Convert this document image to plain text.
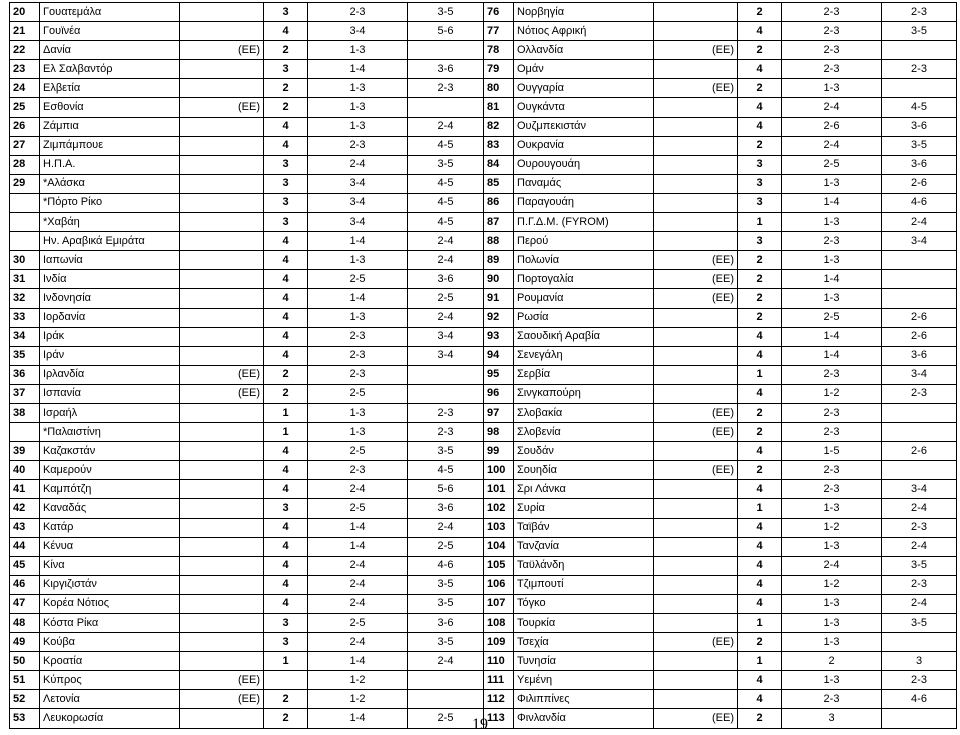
20	Γουατεμάλα		3	2-3	3-5	76	Νορβηγία		2	2-3	2-3
21	Γουϊνέα		4	3-4	5-6	77	Νότιος Αφρική		4	2-3	3-5
22	Δανία	(ΕΕ)	2	1-3		78	Ολλανδία	(ΕΕ)	2	2-3	
23	Ελ Σαλβαντόρ		3	1-4	3-6	79	Ομάν		4	2-3	2-3
24	Ελβετία		2	1-3	2-3	80	Ουγγαρία	(ΕΕ)	2	1-3	
25	Εσθονία	(ΕΕ)	2	1-3		81	Ουγκάντα		4	2-4	4-5
26	Ζάμπια		4	1-3	2-4	82	Ουζμπεκιστάν		4	2-6	3-6
27	Ζιμπάμπουε		4	2-3	4-5	83	Ουκρανία		2	2-4	3-5
28	Η.Π.Α.		3	2-4	3-5	84	Ουρουγουάη		3	2-5	3-6
29	*Αλάσκα		3	3-4	4-5	85	Παναμάς		3	1-3	2-6
	*Πόρτο Ρίκο		3	3-4	4-5	86	Παραγουάη		3	1-4	4-6
	*Χαβάη		3	3-4	4-5	87	Π.Γ.Δ.Μ. (FYROM)		1	1-3	2-4
	Ην. Αραβικά Εμιράτα		4	1-4	2-4	88	Περού		3	2-3	3-4
30	Ιαπωνία		4	1-3	2-4	89	Πολωνία	(ΕΕ)	2	1-3	
31	Ινδία		4	2-5	3-6	90	Πορτογαλία	(ΕΕ)	2	1-4	
32	Ινδονησία		4	1-4	2-5	91	Ρουμανία	(ΕΕ)	2	1-3	
33	Ιορδανία		4	1-3	2-4	92	Ρωσία		2	2-5	2-6
34	Ιράκ		4	2-3	3-4	93	Σαουδική Αραβία		4	1-4	2-6
35	Ιράν		4	2-3	3-4	94	Σενεγάλη		4	1-4	3-6
36	Ιρλανδία	(ΕΕ)	2	2-3		95	Σερβία		1	2-3	3-4
37	Ισπανία	(ΕΕ)	2	2-5		96	Σινγκαπούρη		4	1-2	2-3
38	Ισραήλ		1	1-3	2-3	97	Σλοβακία	(ΕΕ)	2	2-3	
	*Παλαιστίνη		1	1-3	2-3	98	Σλοβενία	(ΕΕ)	2	2-3	
39	Καζακστάν		4	2-5	3-5	99	Σουδάν		4	1-5	2-6
40	Καμερούν		4	2-3	4-5	100	Σουηδία	(ΕΕ)	2	2-3	
41	Καμπότζη		4	2-4	5-6	101	Σρι Λάνκα		4	2-3	3-4
42	Καναδάς		3	2-5	3-6	102	Συρία		1	1-3	2-4
43	Κατάρ		4	1-4	2-4	103	Ταϊβάν		4	1-2	2-3
44	Κένυα		4	1-4	2-5	104	Τανζανία		4	1-3	2-4
45	Κίνα		4	2-4	4-6	105	Ταϋλάνδη		4	2-4	3-5
46	Κιργιζιστάν		4	2-4	3-5	106	Τζιμπουτί		4	1-2	2-3
47	Κορέα Νότιος		4	2-4	3-5	107	Τόγκο		4	1-3	2-4
48	Κόστα Ρίκα		3	2-5	3-6	108	Τουρκία		1	1-3	3-5
49	Κούβα		3	2-4	3-5	109	Τσεχία	(ΕΕ)	2	1-3	
50	Κροατία		1	1-4	2-4	110	Τυνησία		1	2	3
51	Κύπρος	(ΕΕ)		1-2		111	Υεμένη		4	1-3	2-3
52	Λετονία	(ΕΕ)	2	1-2		112	Φιλιππίνες		4	2-3	4-6
53	Λευκορωσία		2	1-4	2-5	113	Φινλανδία	(ΕΕ)	2	3	
19
